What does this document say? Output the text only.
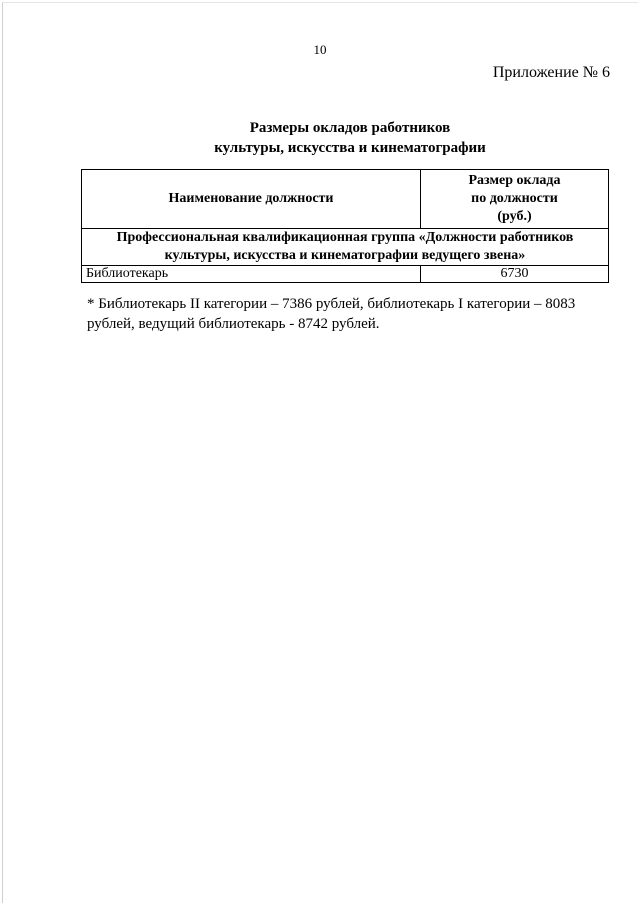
10
Приложение № 6
Размеры окладов работников
культуры, искусства и кинематографии
Наименование должности	Размер оклада
по должности
(руб.)

Профессиональная квалификационная группа «Должности работников
культуры, искусства и кинематографии ведущего звена»	

Библиотекарь	6730
* Библиотекарь II категории – 7386 рублей, библиотекарь I категории – 8083
рублей, ведущий библиотекарь - 8742 рублей.
